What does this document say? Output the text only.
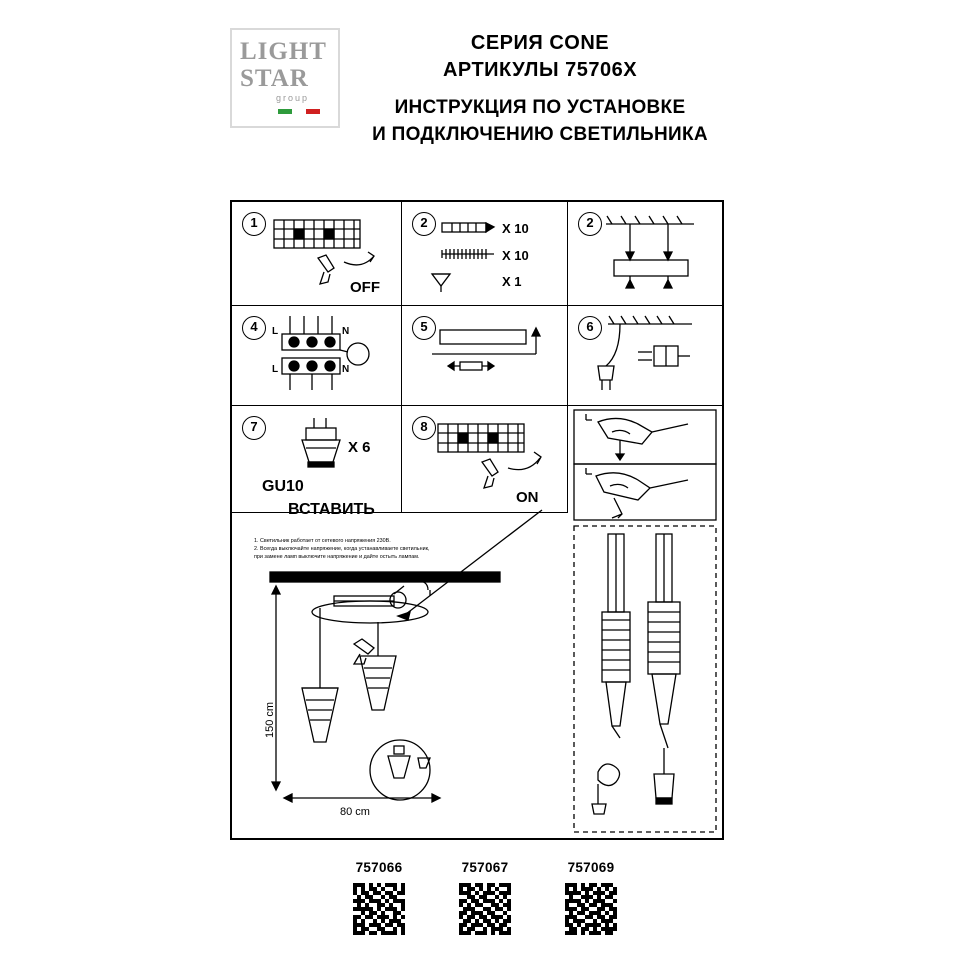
LIGHT
STAR
group
СЕРИЯ CONE
АРТИКУЛЫ 75706X
ИНСТРУКЦИЯ ПО УСТАНОВКЕ
И ПОДКЛЮЧЕНИЮ СВЕТИЛЬНИКА
1
OFF
2	X 10
X 10
X 1
2
4	L	N
L	N
5	6
7
X 6
GU10
ВСТАВИТЬ
8
ON
1. Светильник работает от сетевого напряжения 230В.
2. Всегда выключайте напряжение, когда устанавливаете светильник,
при замене ламп выключите напряжение и дайте остыть лампам.
150 cm
80 cm
757066	757067	757069
